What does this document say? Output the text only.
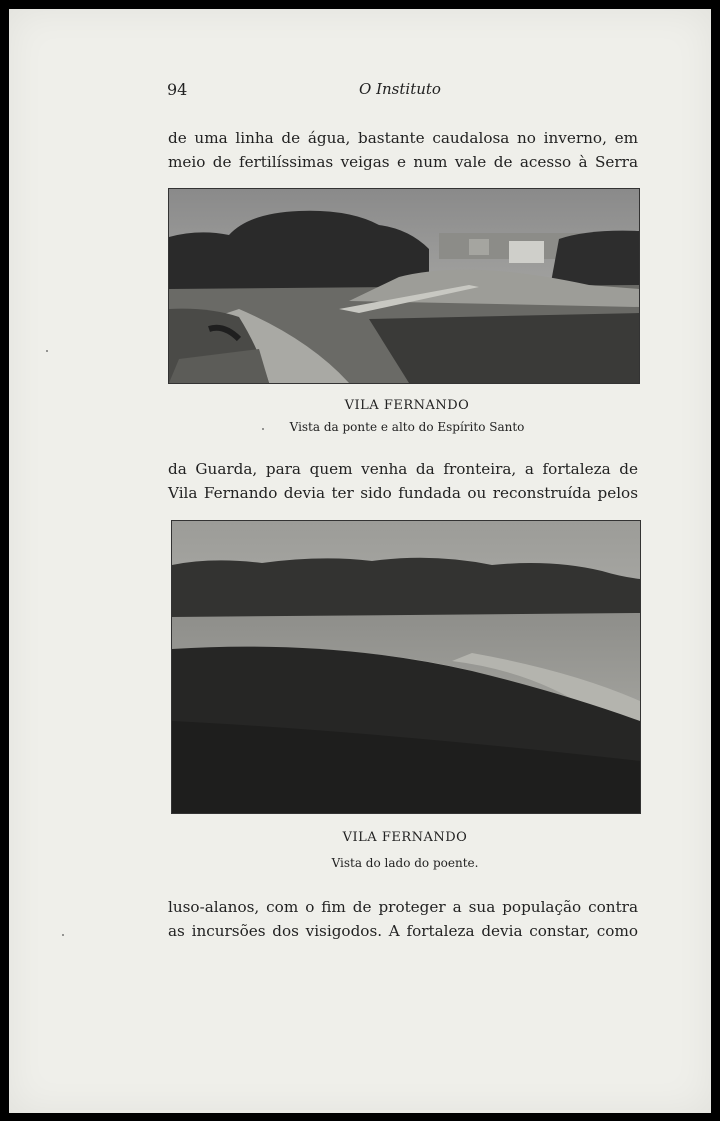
94	O Instituto
de uma linha de água, bastante caudalosa no inverno, em
meio de fertilíssimas veigas e num vale de acesso à Serra
VILA FERNANDO
Vista da ponte e alto do Espírito Santo
da Guarda, para quem venha da fronteira, a fortaleza de
Vila Fernando devia ter sido fundada ou reconstruída pelos
VILA FERNANDO
Vista do lado do poente.
luso-alanos, com o fim de proteger a sua população contra
as incursões dos visigodos. A fortaleza devia constar, como
